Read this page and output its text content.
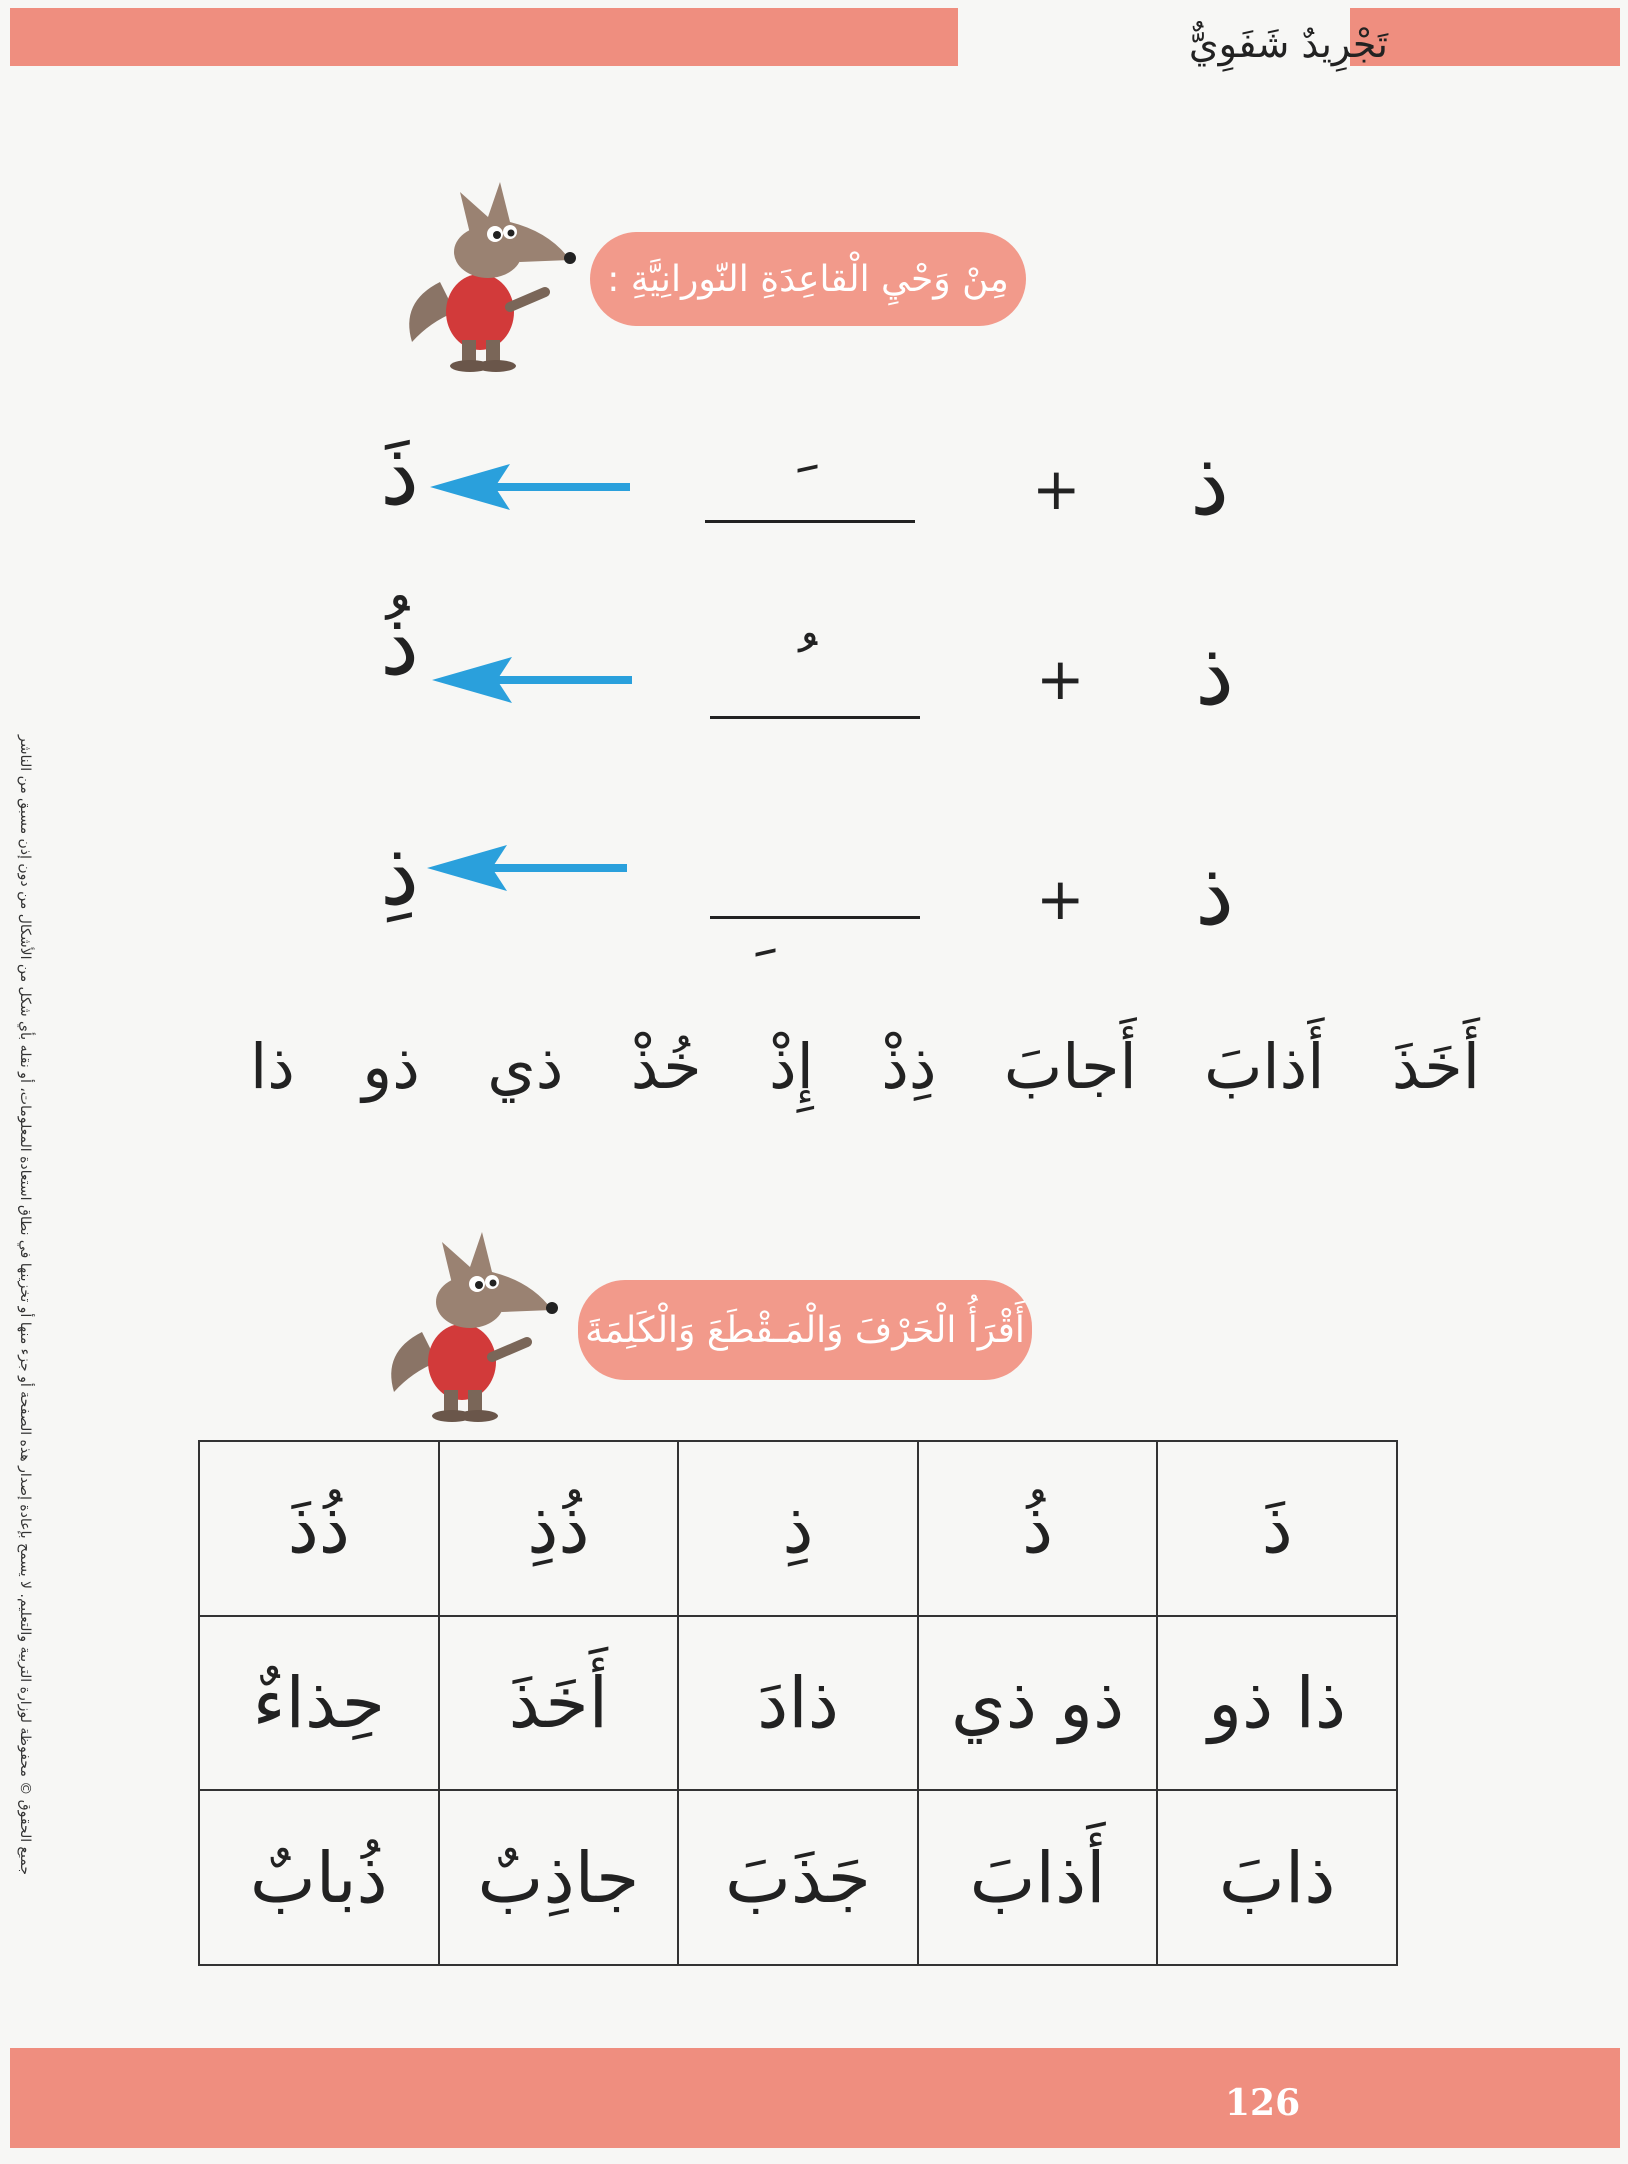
تَجْرِيدٌ شَفَوِيٌّ
جميع الحقوق © محفوظة لوزارة التربية والتعليم. لا يسمح بإعادة إصدار هذه الصفحة أو جزء منها أو تخزينها في نطاق استعادة المعلومات، أو نقله بأي شكل من الأشكال من دون إذن مسبق من الناشر
مِنْ وَحْيِ الْقاعِدَةِ النّورانِيَّةِ :
ذ
+
ذَ
ذ
+
ذُ
ذ
+
ذِ
ذا ذو ذي خُذْ إِذْ ذِذْ أَجابَ أَذابَ أَخَذَ
أَقْرَأُ الْحَرْفَ وَالْمَـقْطَعَ وَالْكَلِمَةَ
ذُذَ	ذُذِ	ذِ	ذُ	ذَ
حِذاءٌ	أَخَذَ	ذادَ	ذو ذي	ذا ذو
ذُبابٌ	جاذِبٌ	جَذَبَ	أَذابَ	ذابَ
126
